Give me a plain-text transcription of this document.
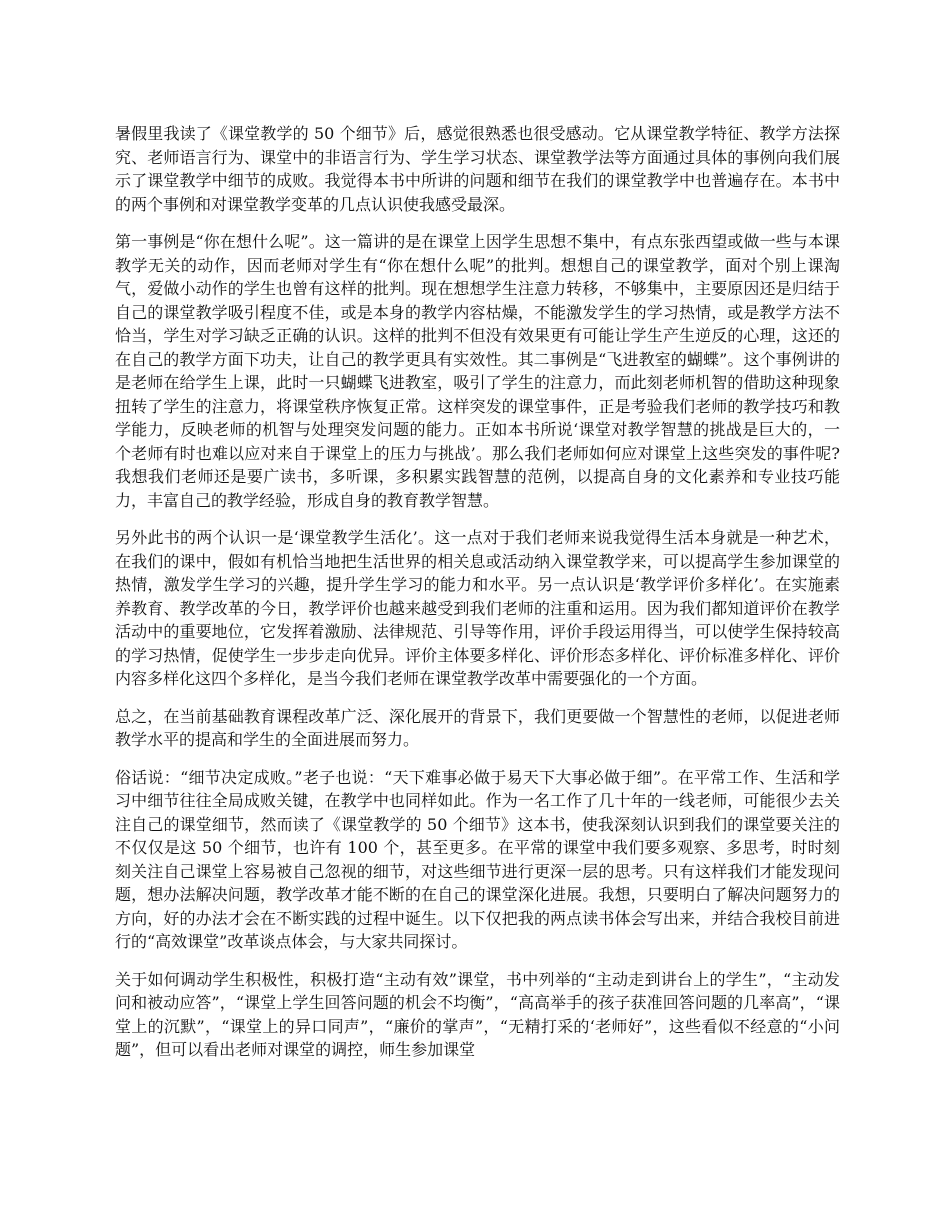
暑假里我读了《课堂教学的 50 个细节》后，感觉很熟悉也很受感动。它从课堂教学特征、教学方法探究、老师语言行为、课堂中的非语言行为、学生学习状态、课堂教学法等方面通过具体的事例向我们展示了课堂教学中细节的成败。我觉得本书中所讲的问题和细节在我们的课堂教学中也普遍存在。本书中的两个事例和对课堂教学变革的几点认识使我感受最深。

第一事例是“你在想什么呢”。这一篇讲的是在课堂上因学生思想不集中，有点东张西望或做一些与本课教学无关的动作，因而老师对学生有“你在想什么呢”的批判。想想自己的课堂教学，面对个别上课淘气，爱做小动作的学生也曾有这样的批判。现在想想学生注意力转移，不够集中，主要原因还是归结于自己的课堂教学吸引程度不佳，或是本身的教学内容枯燥，不能激发学生的学习热情，或是教学方法不恰当，学生对学习缺乏正确的认识。这样的批判不但没有效果更有可能让学生产生逆反的心理，这还的在自己的教学方面下功夫，让自己的教学更具有实效性。其二事例是“飞进教室的蝴蝶”。这个事例讲的是老师在给学生上课，此时一只蝴蝶飞进教室，吸引了学生的注意力，而此刻老师机智的借助这种现象扭转了学生的注意力，将课堂秩序恢复正常。这样突发的课堂事件，正是考验我们老师的教学技巧和教学能力，反映老师的机智与处理突发问题的能力。正如本书所说‘课堂对教学智慧的挑战是巨大的，一个老师有时也难以应对来自于课堂上的压力与挑战’。那么我们老师如何应对课堂上这些突发的事件呢?我想我们老师还是要广读书，多听课，多积累实践智慧的范例，以提高自身的文化素养和专业技巧能力，丰富自己的教学经验，形成自身的教育教学智慧。

另外此书的两个认识一是‘课堂教学生活化’。这一点对于我们老师来说我觉得生活本身就是一种艺术，在我们的课中，假如有机恰当地把生活世界的相关息或活动纳入课堂教学来，可以提高学生参加课堂的热情，激发学生学习的兴趣，提升学生学习的能力和水平。另一点认识是‘教学评价多样化’。在实施素养教育、教学改革的今日，教学评价也越来越受到我们老师的注重和运用。因为我们都知道评价在教学活动中的重要地位，它发挥着激励、法律规范、引导等作用，评价手段运用得当，可以使学生保持较高的学习热情，促使学生一步步走向优异。评价主体要多样化、评价形态多样化、评价标准多样化、评价内容多样化这四个多样化，是当今我们老师在课堂教学改革中需要强化的一个方面。

总之，在当前基础教育课程改革广泛、深化展开的背景下，我们更要做一个智慧性的老师，以促进老师教学水平的提高和学生的全面进展而努力。

俗话说：“细节决定成败。”老子也说：“天下难事必做于易天下大事必做于细”。在平常工作、生活和学习中细节往往全局成败关键，在教学中也同样如此。作为一名工作了几十年的一线老师，可能很少去关注自己的课堂细节，然而读了《课堂教学的 50 个细节》这本书，使我深刻认识到我们的课堂要关注的不仅仅是这 50 个细节，也许有 100 个，甚至更多。在平常的课堂中我们要多观察、多思考，时时刻刻关注自己课堂上容易被自己忽视的细节，对这些细节进行更深一层的思考。只有这样我们才能发现问题，想办法解决问题，教学改革才能不断的在自己的课堂深化进展。我想，只要明白了解决问题努力的方向，好的办法才会在不断实践的过程中诞生。以下仅把我的两点读书体会写出来，并结合我校目前进行的“高效课堂”改革谈点体会，与大家共同探讨。

关于如何调动学生积极性，积极打造“主动有效”课堂，书中列举的“主动走到讲台上的学生”，“主动发问和被动应答”，“课堂上学生回答问题的机会不均衡”，“高高举手的孩子获准回答问题的几率高”，“课堂上的沉默”，“课堂上的异口同声”，“廉价的掌声”，“无精打采的‘老师好”，这些看似不经意的“小问题”，但可以看出老师对课堂的调控，师生参加课堂
